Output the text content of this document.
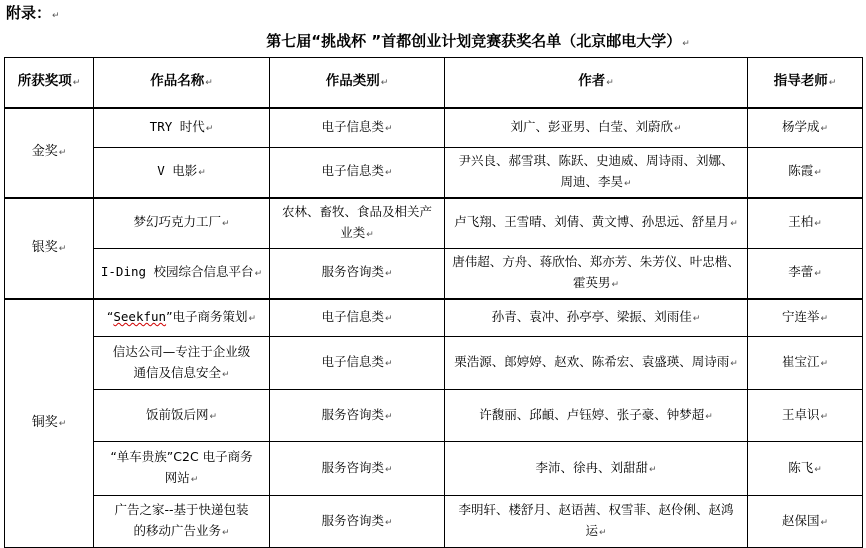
附录：↵
第七届“挑战杯 ”首都创业计划竞赛获奖名单（北京邮电大学）↵
所获奖项↵	作品名称↵	作品类别↵	作者↵	指导老师↵
金奖↵	TRY 时代↵	电子信息类↵	刘广、彭亚男、白莹、刘蔚欣↵	杨学成↵
	V 电影↵	电子信息类↵	尹兴良、郝雪琪、陈跃、史迪威、周诗雨、刘娜、
周迪、李昊↵	陈霞↵
银奖↵	梦幻巧克力工厂↵	农林、畜牧、食品及相关产
业类↵	卢飞翔、王雪晴、刘倩、黄文博、孙思远、舒星月↵	王柏↵
	I-Ding 校园综合信息平台↵	服务咨询类↵	唐伟超、方舟、蒋欣怡、郑亦芳、朱芳仪、叶忠楷、
霍英男↵	李蕾↵
铜奖↵	“Seekfun”电子商务策划↵	电子信息类↵	孙青、袁冲、孙亭亭、梁振、刘雨佳↵	宁连举↵
	信达公司—专注于企业级
通信及信息安全↵	电子信息类↵	栗浩源、郎婷婷、赵欢、陈希宏、袁盛瑛、周诗雨↵	崔宝江↵
	饭前饭后网↵	服务咨询类↵	许馥丽、邱頔、卢钰婷、张子豪、钟梦超↵	王卓识↵
	“单车贵族”C2C 电子商务
网站↵	服务咨询类↵	李沛、徐冉、刘甜甜↵	陈飞↵
	广告之家--基于快递包装
的移动广告业务↵	服务咨询类↵	李明轩、楼舒月、赵语茜、权雪菲、赵伶俐、赵鸿
运↵	赵保国↵
